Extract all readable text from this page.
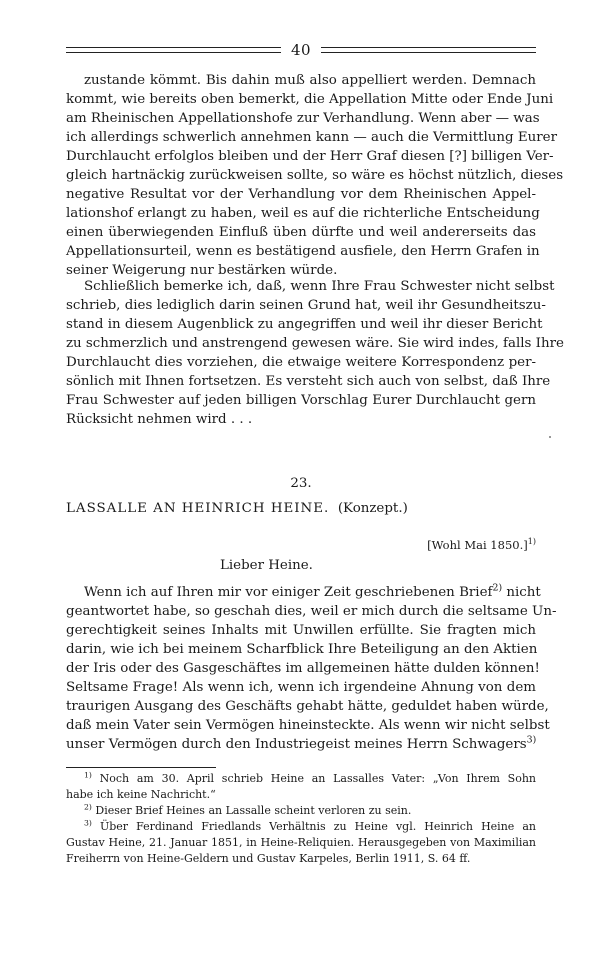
40
zustande kömmt. Bis dahin muß also appelliert werden. Demnach
kommt, wie bereits oben bemerkt, die Appellation Mitte oder Ende Juni
am Rheinischen Appellationshofe zur Verhandlung. Wenn aber — was
ich allerdings schwerlich annehmen kann — auch die Vermittlung Eurer
Durchlaucht erfolglos bleiben und der Herr Graf diesen [?] billigen Ver-
gleich hartnäckig zurückweisen sollte, so wäre es höchst nützlich, dieses
negative Resultat vor der Verhandlung vor dem Rheinischen Appel-
lationshof erlangt zu haben, weil es auf die richterliche Entscheidung
einen überwiegenden Einfluß üben dürfte und weil andererseits das
Appellationsurteil, wenn es bestätigend ausfiele, den Herrn Grafen in
seiner Weigerung nur bestärken würde.
Schließlich bemerke ich, daß, wenn Ihre Frau Schwester nicht selbst
schrieb, dies lediglich darin seinen Grund hat, weil ihr Gesundheitszu-
stand in diesem Augenblick zu angegriffen und weil ihr dieser Bericht
zu schmerzlich und anstrengend gewesen wäre. Sie wird indes, falls Ihre
Durchlaucht dies vorziehen, die etwaige weitere Korrespondenz per-
sönlich mit Ihnen fortsetzen. Es versteht sich auch von selbst, daß Ihre
Frau Schwester auf jeden billigen Vorschlag Eurer Durchlaucht gern
Rücksicht nehmen wird . . .
23.
LASSALLE AN HEINRICH HEINE. (Konzept.)
[Wohl Mai 1850.]$^{1)}$
Lieber Heine.
Wenn ich auf Ihren mir vor einiger Zeit geschriebenen Brief$^{2)}$ nicht
geantwortet habe, so geschah dies, weil er mich durch die seltsame Un-
gerechtigkeit seines Inhalts mit Unwillen erfüllte. Sie fragten mich
darin, wie ich bei meinem Scharfblick Ihre Beteiligung an den Aktien
der Iris oder des Gasgeschäftes im allgemeinen hätte dulden können!
Seltsame Frage! Als wenn ich, wenn ich irgendeine Ahnung von dem
traurigen Ausgang des Geschäfts gehabt hätte, geduldet haben würde,
daß mein Vater sein Vermögen hineinsteckte. Als wenn wir nicht selbst
unser Vermögen durch den Industriegeist meines Herrn Schwagers$^{3)}$
$^{1)}$ Noch am 30. April schrieb Heine an Lassalles Vater: „Von Ihrem Sohn
habe ich keine Nachricht.“
$^{2)}$ Dieser Brief Heines an Lassalle scheint verloren zu sein.
$^{3)}$ Über Ferdinand Friedlands Verhältnis zu Heine vgl. Heinrich Heine an
Gustav Heine, 21. Januar 1851, in Heine-Reliquien. Herausgegeben von Maximilian
Freiherrn von Heine-Geldern und Gustav Karpeles, Berlin 1911, S. 64 ff.
